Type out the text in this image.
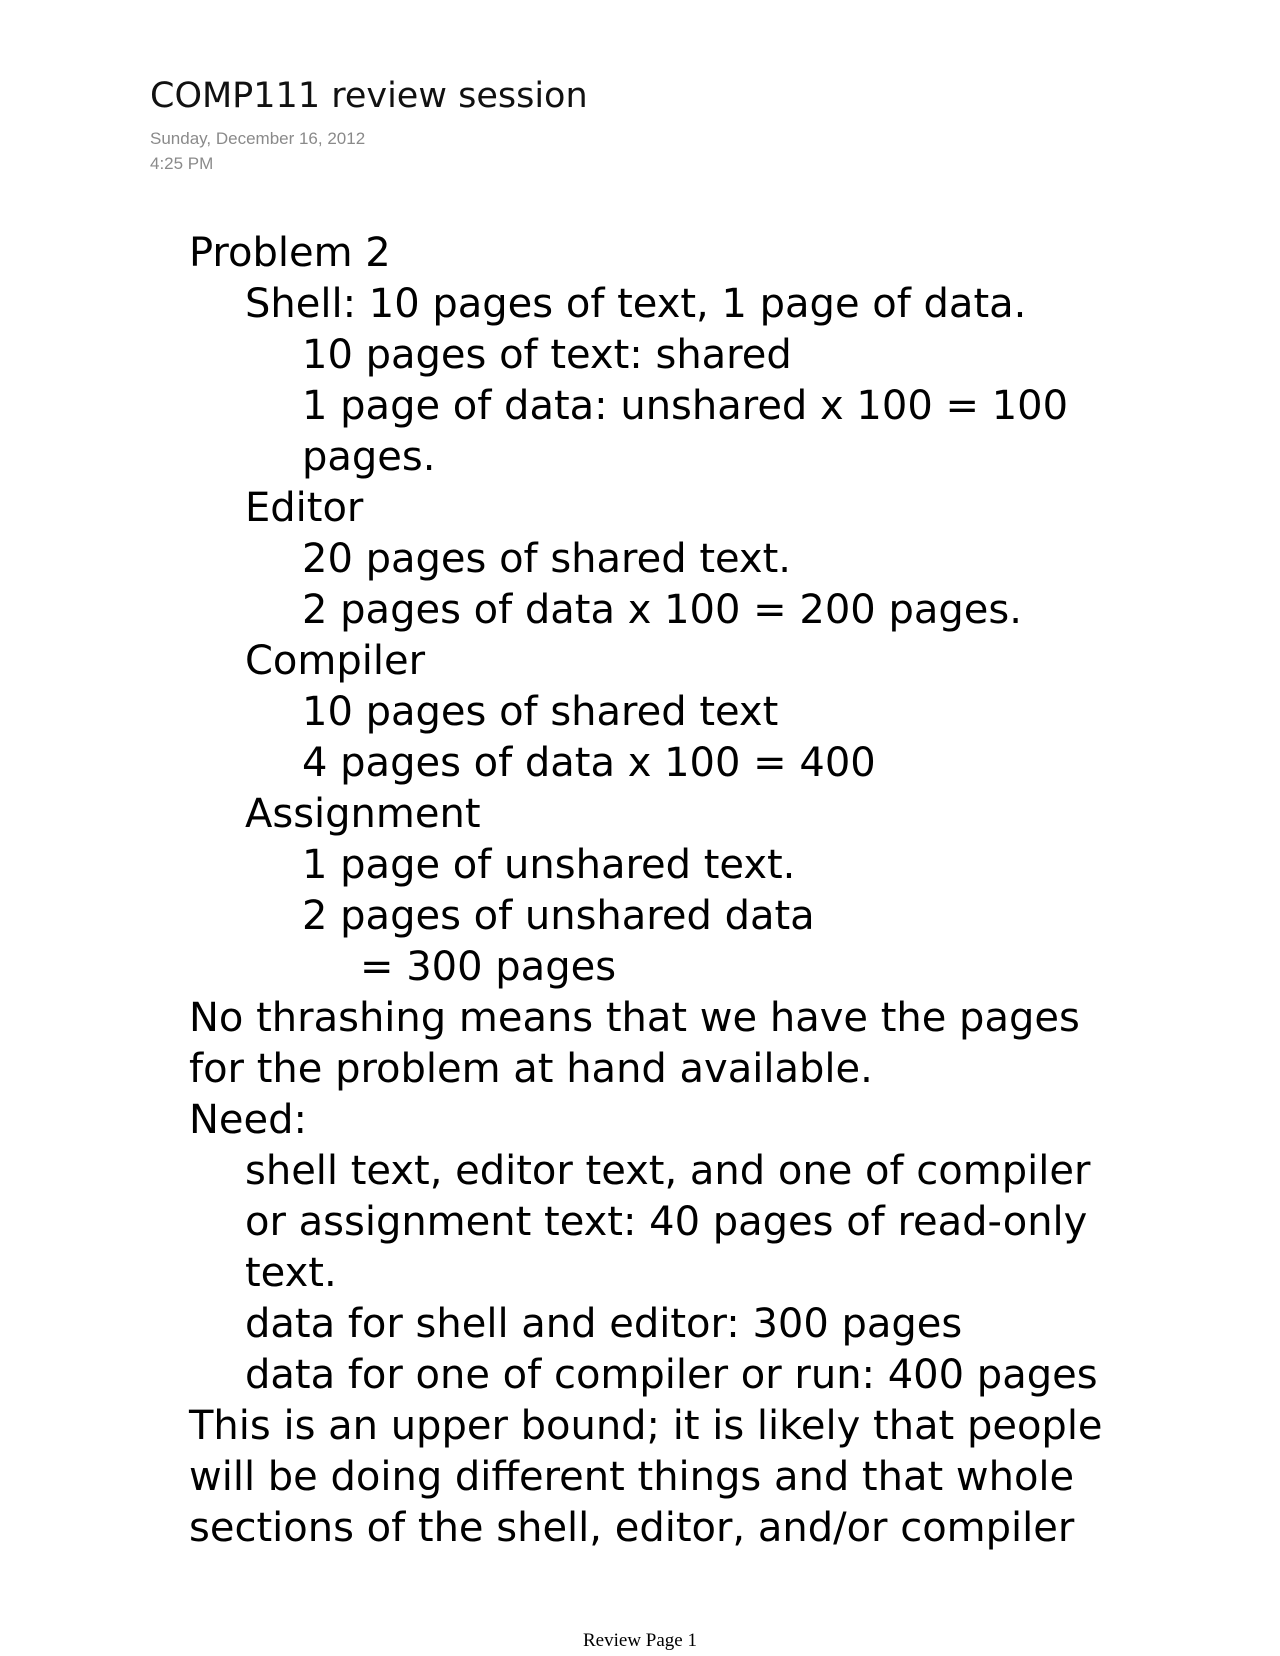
COMP111 review session
Sunday, December 16, 2012
4:25 PM
Problem 2
Shell: 10 pages of text, 1 page of data.
10 pages of text: shared
1 page of data: unshared x 100 = 100
pages.
Editor
20 pages of shared text.
2 pages of data x 100 = 200 pages.
Compiler
10 pages of shared text
4 pages of data x 100 = 400
Assignment
1 page of unshared text.
2 pages of unshared data
= 300 pages
No thrashing means that we have the pages
for the problem at hand available.
Need:
shell text, editor text, and one of compiler
or assignment text: 40 pages of read-only
text.
data for shell and editor: 300 pages
data for one of compiler or run: 400 pages
This is an upper bound; it is likely that people
will be doing different things and that whole
sections of the shell, editor, and/or compiler
Review Page 1
